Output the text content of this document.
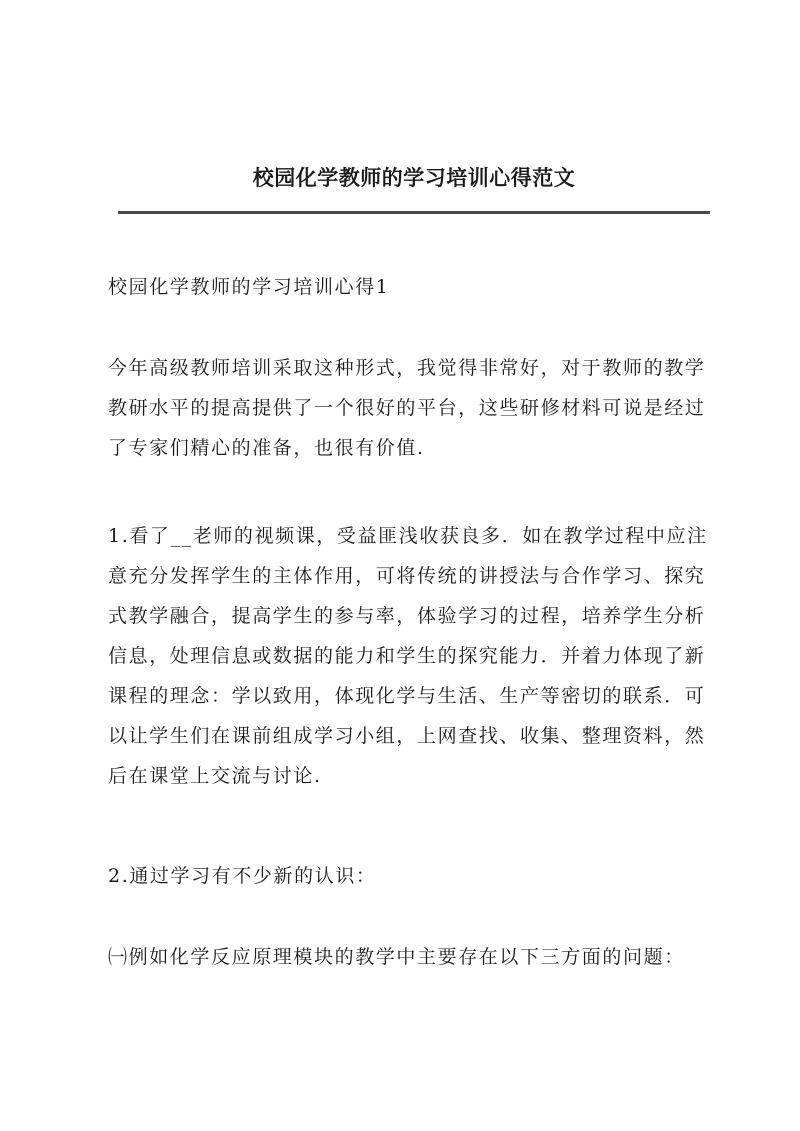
校园化学教师的学习培训心得范文

校园化学教师的学习培训心得1

今年高级教师培训采取这种形式，我觉得非常好，对于教师的教学教研水平的提高提供了一个很好的平台，这些研修材料可说是经过了专家们精心的准备，也很有价值.

1.看了__老师的视频课，受益匪浅收获良多．如在教学过程中应注意充分发挥学生的主体作用，可将传统的讲授法与合作学习、探究式教学融合，提高学生的参与率，体验学习的过程，培养学生分析信息，处理信息或数据的能力和学生的探究能力．并着力体现了新课程的理念：学以致用，体现化学与生活、生产等密切的联系．可以让学生们在课前组成学习小组，上网查找、收集、整理资料，然后在课堂上交流与讨论.

2.通过学习有不少新的认识：

㈠例如化学反应原理模块的教学中主要存在以下三方面的问题：
